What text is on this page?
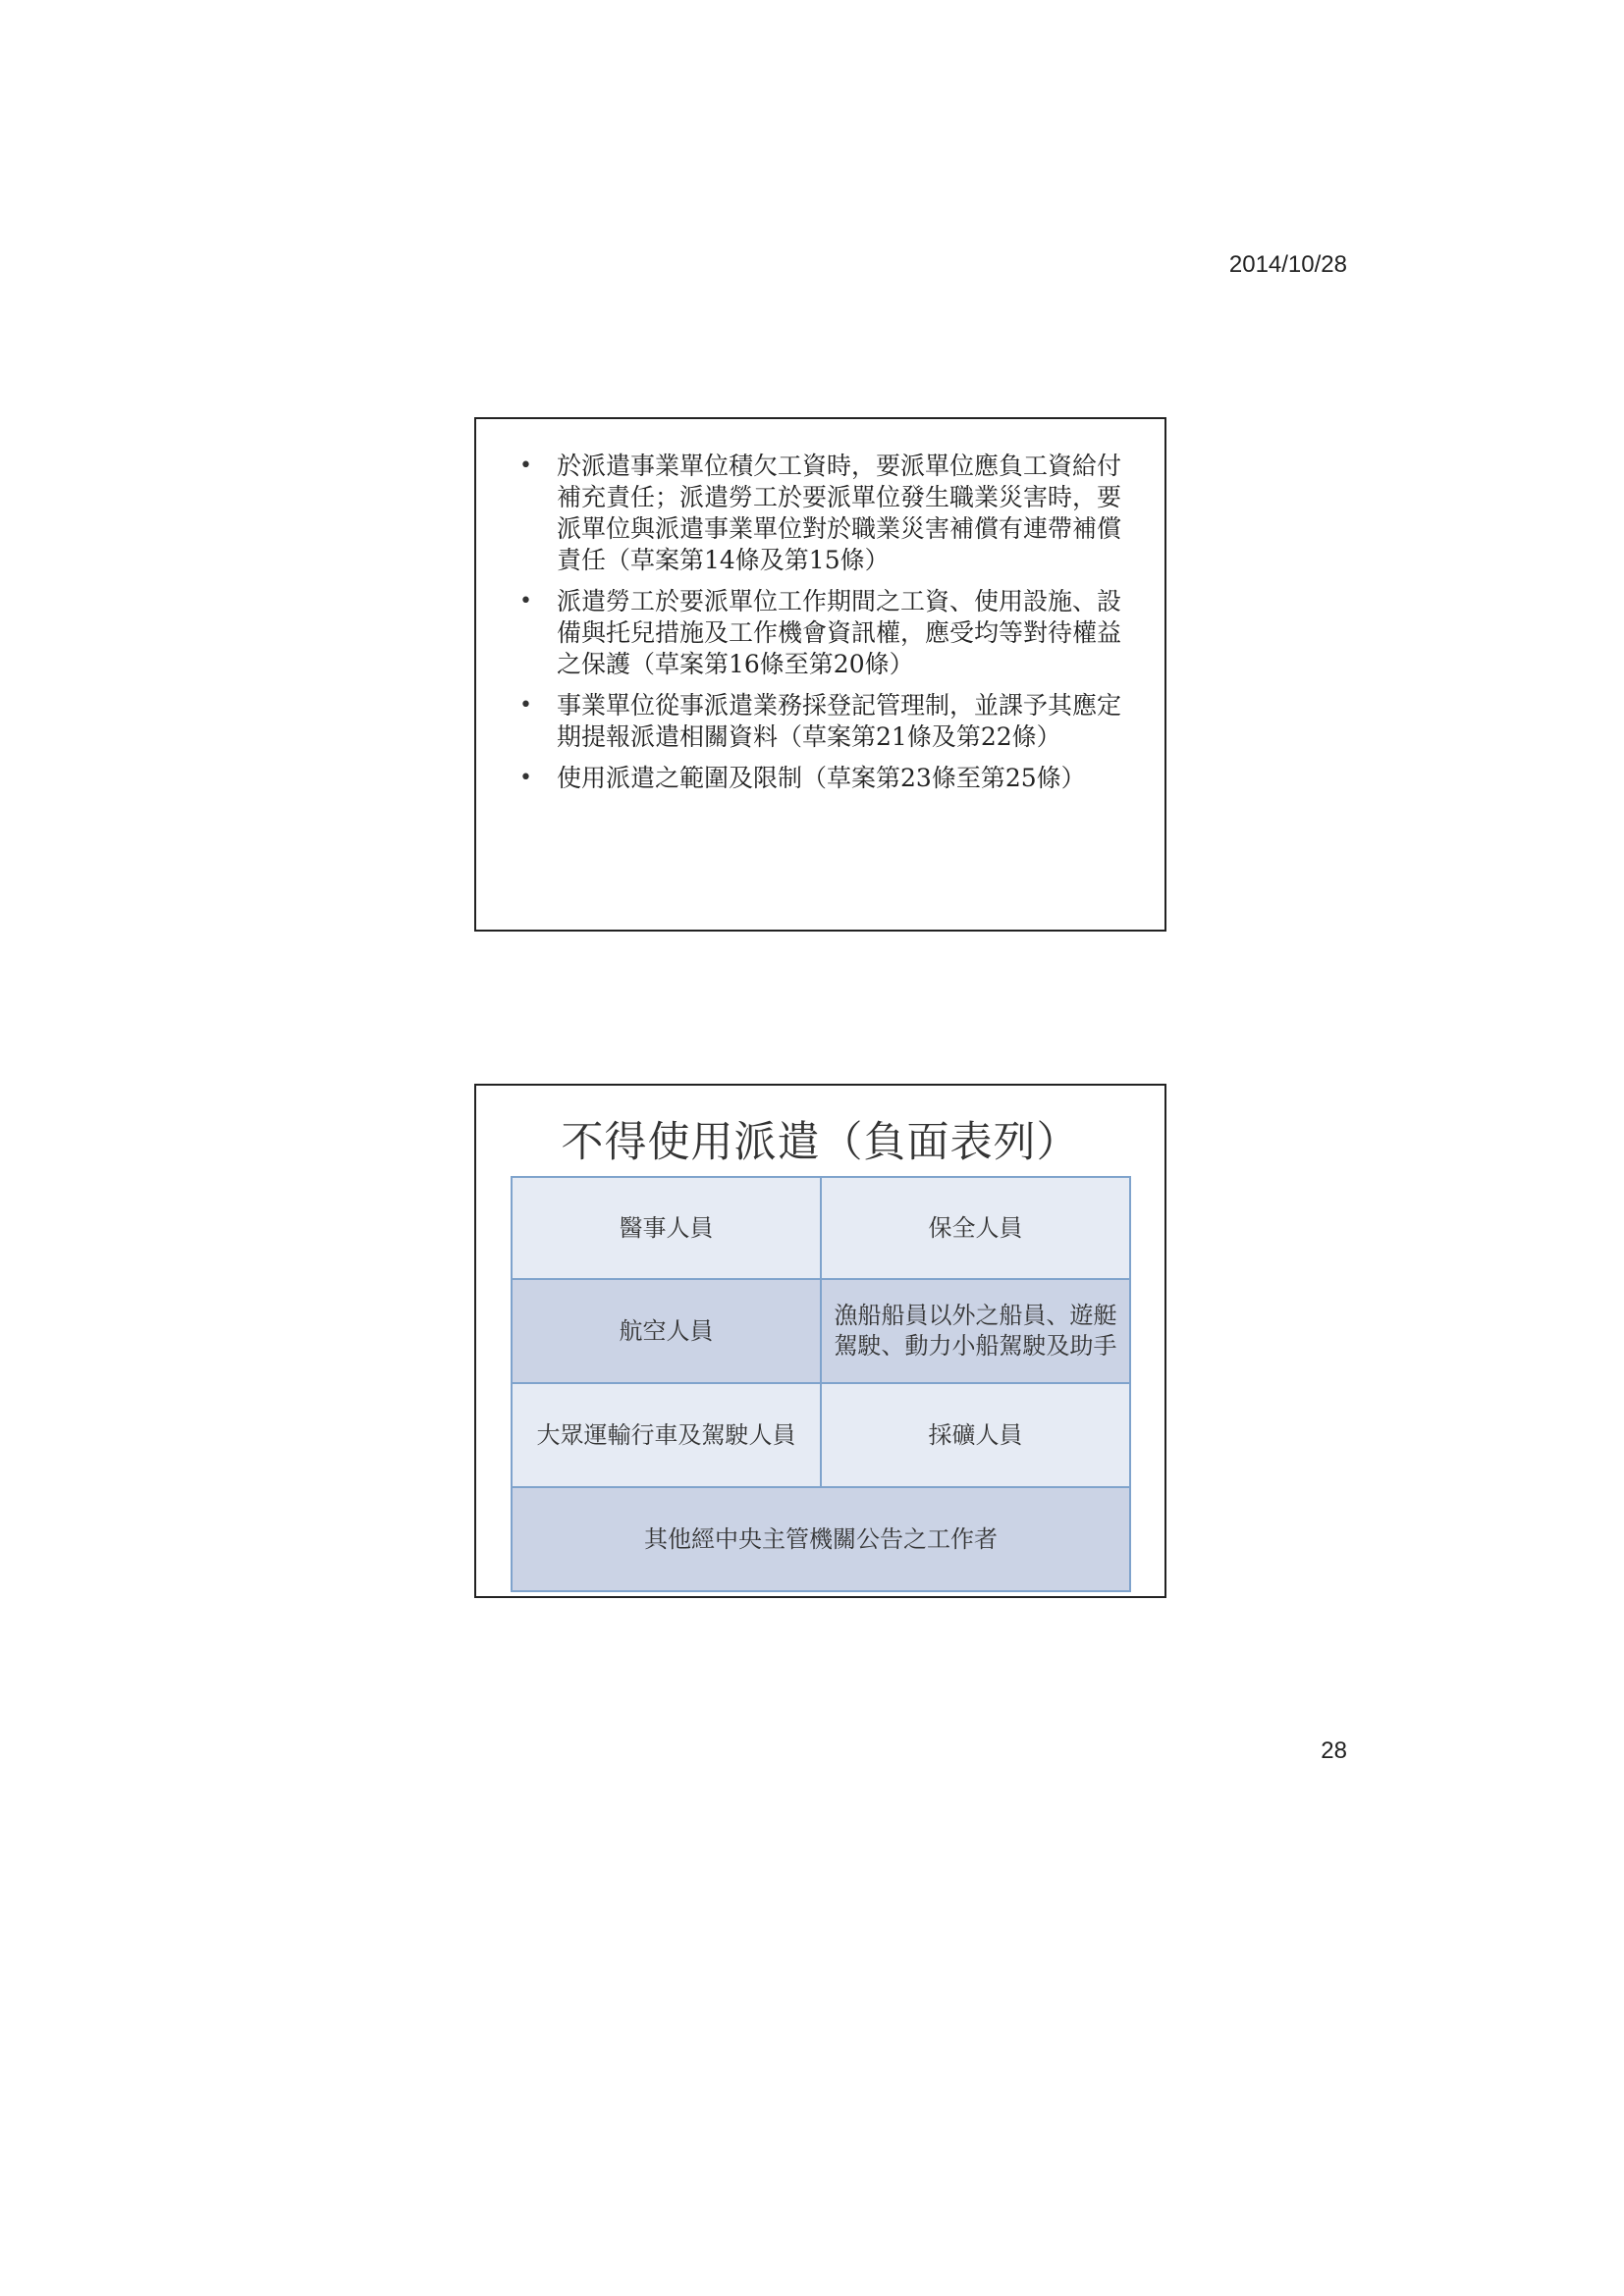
2014/10/28
• 於派遣事業單位積欠工資時，要派單位應負工資給付補充責任；派遣勞工於要派單位發生職業災害時，要派單位與派遣事業單位對於職業災害補償有連帶補償責任（草案第14條及第15條）
• 派遣勞工於要派單位工作期間之工資、使用設施、設備與托兒措施及工作機會資訊權，應受均等對待權益之保護（草案第16條至第20條）
• 事業單位從事派遣業務採登記管理制，並課予其應定期提報派遣相關資料（草案第21條及第22條）
• 使用派遣之範圍及限制（草案第23條至第25條）
不得使用派遣（負面表列）
醫事人員	保全人員
航空人員	漁船船員以外之船員、遊艇駕駛、動力小船駕駛及助手
大眾運輸行車及駕駛人員	採礦人員
其他經中央主管機關公告之工作者	
28
